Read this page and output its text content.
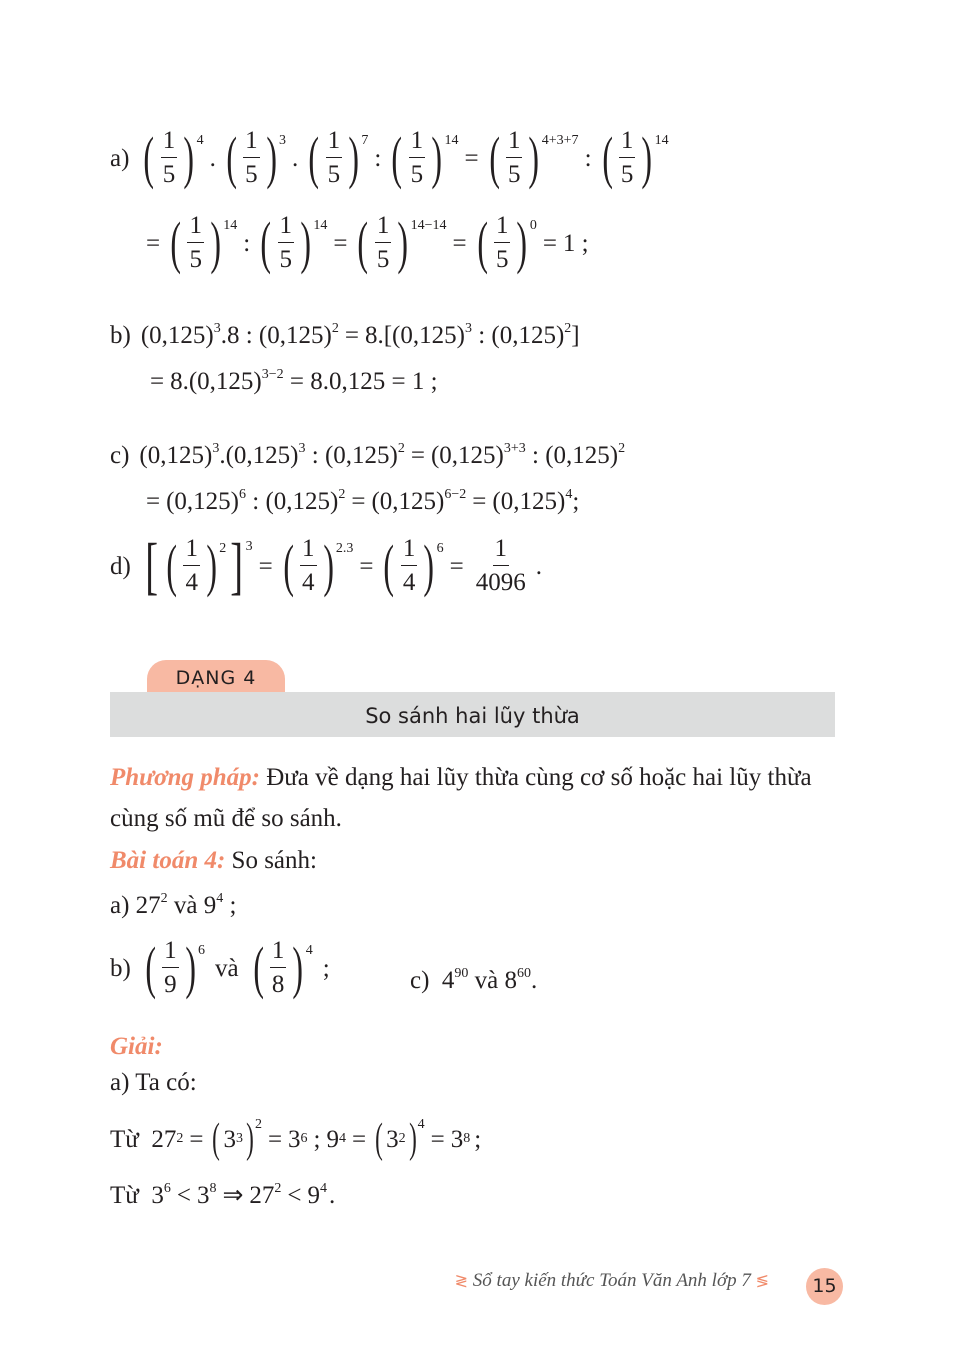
a) ( $\frac{1}{5}$ ) 4
. ( $\frac{1}{5}$ ) 3
. ( $\frac{1}{5}$ ) 7
: ( $\frac{1}{5}$ ) 14
= ( $\frac{1}{5}$ ) 4+3+7
: ( $\frac{1}{5}$ ) 14
= ( $\frac{1}{5}$ ) 14
: ( $\frac{1}{5}$ ) 14
= ( $\frac{1}{5}$ ) 14−14
= ( $\frac{1}{5}$ ) 0
= 1 ;
b) $(0,125)^3.8$ : $(0,125)^2 = 8.[(0,125)^3$ : $(0,125)^2$]
= $8.(0,125)^{3-2} = 8.0,125 = 1$ ;
c) $(0,125)^3.(0,125)^3$ : $(0,125)^2 = (0,125)^{3+3}$ : $(0,125)^2$
= $(0,125)^6$ : $(0,125)^2 = (0,125)^{6-2} = (0,125)^4$;
d) [ ( $\frac{1}{4}$ ) 2 ] 3
= ( $\frac{1}{4}$ ) 2.3
= ( $\frac{1}{4}$ ) 6
= $\frac{1}{4096}$ .
DẠNG 4
So sánh hai lũy thừa
Phương pháp: Đưa về dạng hai lũy thừa cùng cơ số hoặc hai lũy thừa cùng số mũ để so sánh.
Bài toán 4: So sánh:
a) $27^2$ và $9^4$ ;
b) ( $\frac{1}{9}$ ) 6
và ( $\frac{1}{8}$ ) 4
;	c) $4^{90}$ và $8^{60}$.
Giải:
a) Ta có:
Từ
27 2 = ( 3 3 ) 2
= 3 6 ; 9 4 = ( 3 2 ) 4
= 3 8 ;
Từ $3^6 < 3^8$ ⇒ $27^2 < 9^4$.
≷ Sổ tay kiến thức Toán Văn Anh lớp 7 ≶	15
